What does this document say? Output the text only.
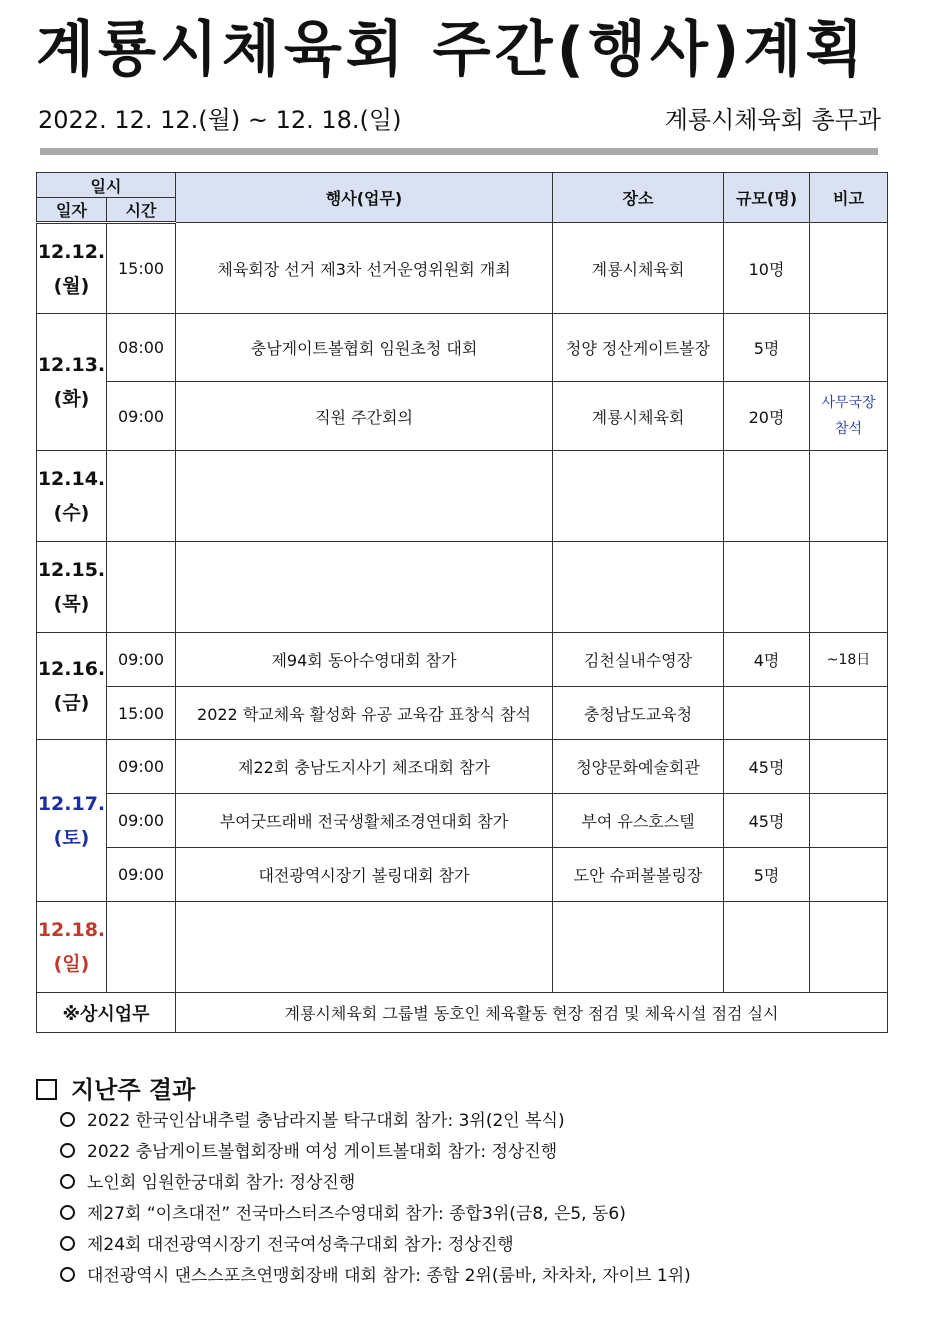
계룡시체육회 주간(행사)계획
2022. 12. 12.(월) ~ 12. 18.(일)	계룡시체육회 총무과
일시		행사(업무)	장소	규모(명)	비고
일자	시간				

12.12.
(월)	15:00	체육회장 선거 제3차 선거운영위원회 개최	계룡시체육회	10명	

12.13.
(화)	08:00	충남게이트볼협회 임원초청 대회	청양 정산게이트볼장	5명	
	09:00	직원 주간회의	계룡시체육회	20명	사무국장
참석

12.14.
(수)					

12.15.
(목)					

12.16.
(금)	09:00	제94회 동아수영대회 참가	김천실내수영장	4명	~18日
	15:00	2022 학교체육 활성화 유공 교육감 표창식 참석	충청남도교육청		

12.17.
(토)	09:00	제22회 충남도지사기 체조대회 참가	청양문화예술회관	45명	
	09:00	부여굿뜨래배 전국생활체조경연대회 참가	부여 유스호스텔	45명	
	09:00	대전광역시장기 볼링대회 참가	도안 슈퍼볼볼링장	5명	

12.18.
(일)					

※상시업무		계룡시체육회 그룹별 동호인 체육활동 현장 점검 및 체육시설 점검 실시			
지난주 결과
2022 한국인삼내추럴 충남라지볼 탁구대회 참가: 3위(2인 복식)
2022 충남게이트볼협회장배 여성 게이트볼대회 참가: 정상진행
노인회 임원한궁대회 참가: 정상진행
제27회 “이츠대전” 전국마스터즈수영대회 참가: 종합3위(금8, 은5, 동6)
제24회 대전광역시장기 전국여성축구대회 참가: 정상진행
대전광역시 댄스스포츠연맹회장배 대회 참가: 종합 2위(룸바, 차차차, 자이브 1위)
